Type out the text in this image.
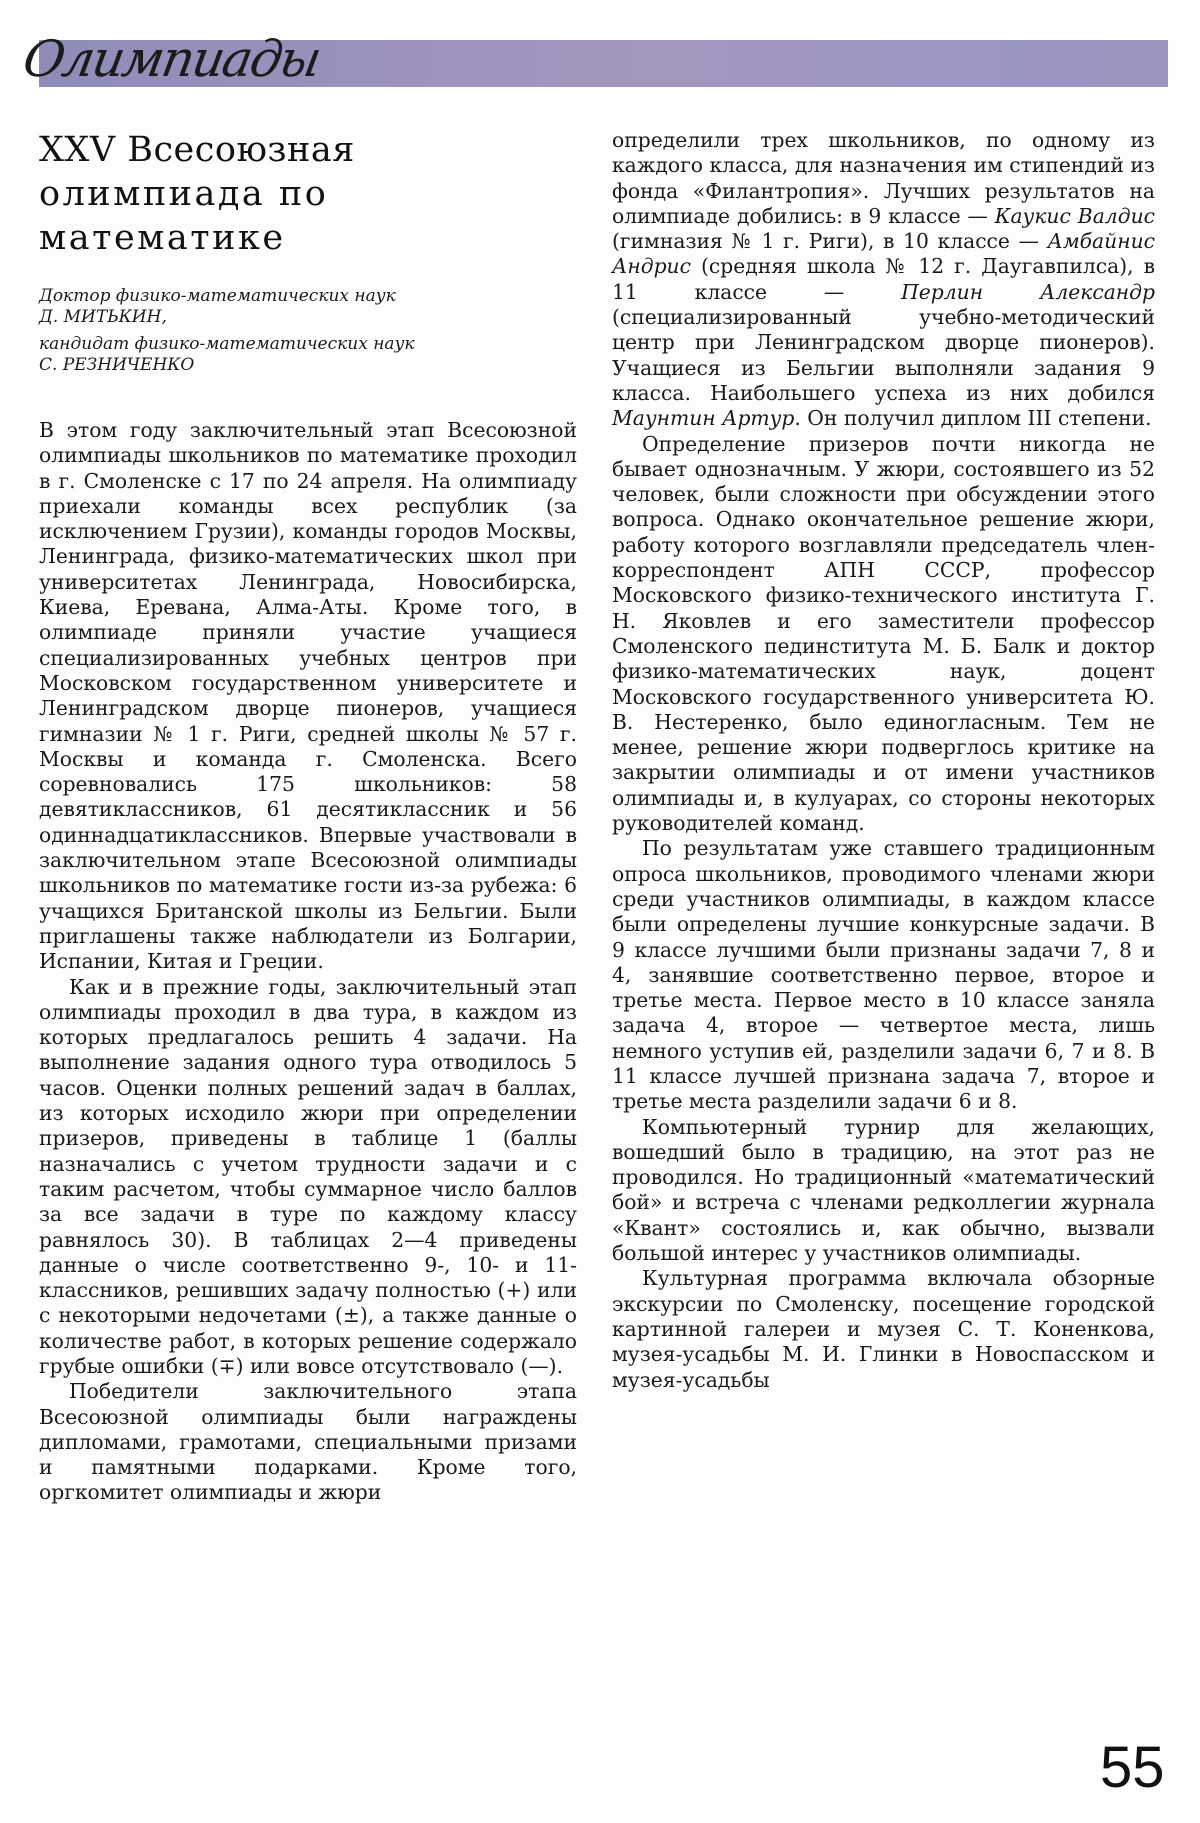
Олимпиады
XXV Всесоюзная
олимпиада по математике
Доктор физико-математических наук
Д. МИТЬКИН,
кандидат физико-математических наук
С. РЕЗНИЧЕНКО

В этом году заключительный этап Всесоюзной олимпиады школьников по математике проходил в г. Смоленске с 17 по 24 апреля. На олимпиаду приехали команды всех республик (за исключением Грузии), команды городов Москвы, Ленинграда, физико-математических школ при университетах Ленинграда, Новосибирска, Киева, Еревана, Алма-Аты. Кроме того, в олимпиаде приняли участие учащиеся специализированных учебных центров при Московском государственном университете и Ленинградском дворце пионеров, учащиеся гимназии № 1 г. Риги, средней школы № 57 г. Москвы и команда г. Смоленска. Всего соревновались 175 школьников: 58 девятиклассников, 61 десятиклассник и 56 одиннадцатиклассников. Впервые участвовали в заключительном этапе Всесоюзной олимпиады школьников по математике гости из-за рубежа: 6 учащихся Британской школы из Бельгии. Были приглашены также наблюдатели из Болгарии, Испании, Китая и Греции.

Как и в прежние годы, заключительный этап олимпиады проходил в два тура, в каждом из которых предлагалось решить 4 задачи. На выполнение задания одного тура отводилось 5 часов. Оценки полных решений задач в баллах, из которых исходило жюри при определении призеров, приведены в таблице 1 (баллы назначались с учетом трудности задачи и с таким расчетом, чтобы суммарное число баллов за все задачи в туре по каждому классу равнялось 30). В таблицах 2—4 приведены данные о числе соответственно 9-, 10- и 11-классников, решивших задачу полностью (+) или с некоторыми недочетами (±), а также данные о количестве работ, в которых решение содержало грубые ошибки (∓) или вовсе отсутствовало (—).

Победители заключительного этапа Всесоюзной олимпиады были награждены дипломами, грамотами, специальными призами и памятными подарками. Кроме того, оргкомитет олимпиады и жюри

определили трех школьников, по одному из каждого класса, для назначения им стипендий из фонда «Филантропия». Лучших результатов на олимпиаде добились: в 9 классе — Каукис Валдис (гимназия № 1 г. Риги), в 10 классе — Амбайнис Андрис (средняя школа № 12 г. Даугавпилса), в 11 классе — Перлин Александр (специализированный учебно-методический центр при Ленинградском дворце пионеров). Учащиеся из Бельгии выполняли задания 9 класса. Наибольшего успеха из них добился Маунтин Артур. Он получил диплом III степени.

Определение призеров почти никогда не бывает однозначным. У жюри, состоявшего из 52 человек, были сложности при обсуждении этого вопроса. Однако окончательное решение жюри, работу которого возглавляли председатель член-корреспондент АПН СССР, профессор Московского физико-технического института Г. Н. Яковлев и его заместители профессор Смоленского пединститута М. Б. Балк и доктор физико-математических наук, доцент Московского государственного университета Ю. В. Нестеренко, было единогласным. Тем не менее, решение жюри подверглось критике на закрытии олимпиады и от имени участников олимпиады и, в кулуарах, со стороны некоторых руководителей команд.

По результатам уже ставшего традиционным опроса школьников, проводимого членами жюри среди участников олимпиады, в каждом классе были определены лучшие конкурсные задачи. В 9 классе лучшими были признаны задачи 7, 8 и 4, занявшие соответственно первое, второе и третье места. Первое место в 10 классе заняла задача 4, второе — четвертое места, лишь немного уступив ей, разделили задачи 6, 7 и 8. В 11 классе лучшей признана задача 7, второе и третье места разделили задачи 6 и 8.

Компьютерный турнир для желающих, вошедший было в традицию, на этот раз не проводился. Но традиционный «математический бой» и встреча с членами редколлегии журнала «Квант» состоялись и, как обычно, вызвали большой интерес у участников олимпиады.

Культурная программа включала обзорные экскурсии по Смоленску, посещение городской картинной галереи и музея С. Т. Коненкова, музея-усадьбы М. И. Глинки в Новоспасском и музея-усадьбы

55
